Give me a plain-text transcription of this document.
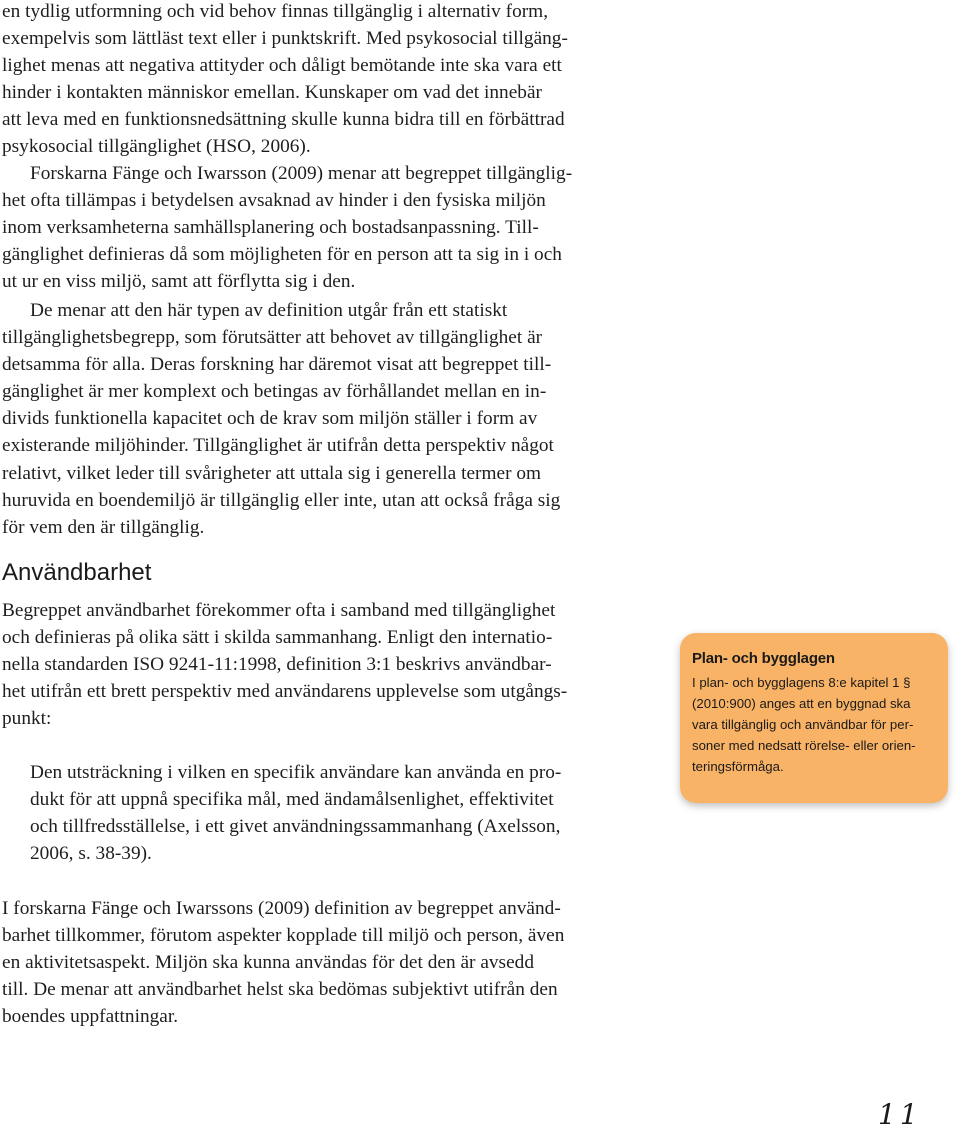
en tydlig utformning och vid behov finnas tillgänglig i alternativ form,
exempelvis som lättläst text eller i punktskrift. Med psykosocial tillgäng-
lighet menas att negativa attityder och dåligt bemötande inte ska vara ett
hinder i kontakten människor emellan. Kunskaper om vad det innebär
att leva med en funktionsnedsättning skulle kunna bidra till en förbättrad
psykosocial tillgänglighet (HSO, 2006).
Forskarna Fänge och Iwarsson (2009) menar att begreppet tillgänglig-
het ofta tillämpas i betydelsen avsaknad av hinder i den fysiska miljön
inom verksamheterna samhällsplanering och bostadsanpassning. Till-
gänglighet definieras då som möjligheten för en person att ta sig in i och
ut ur en viss miljö, samt att förflytta sig i den.
De menar att den här typen av definition utgår från ett statiskt
tillgänglighetsbegrepp, som förutsätter att behovet av tillgänglighet är
detsamma för alla. Deras forskning har däremot visat att begreppet till-
gänglighet är mer komplext och betingas av förhållandet mellan en in-
divids funktionella kapacitet och de krav som miljön ställer i form av
existerande miljöhinder. Tillgänglighet är utifrån detta perspektiv något
relativt, vilket leder till svårigheter att uttala sig i generella termer om
huruvida en boendemiljö är tillgänglig eller inte, utan att också fråga sig
för vem den är tillgänglig.
Användbarhet
Begreppet användbarhet förekommer ofta i samband med tillgänglighet
och definieras på olika sätt i skilda sammanhang. Enligt den internatio-
nella standarden ISO 9241-11:1998, definition 3:1 beskrivs användbar-
het utifrån ett brett perspektiv med användarens upplevelse som utgångs-
punkt:
Den utsträckning i vilken en specifik användare kan använda en pro-
dukt för att uppnå specifika mål, med ändamålsenlighet, effektivitet
och tillfredsställelse, i ett givet användningssammanhang (Axelsson,
2006, s. 38-39).
I forskarna Fänge och Iwarssons (2009) definition av begreppet använd-
barhet tillkommer, förutom aspekter kopplade till miljö och person, även
en aktivitetsaspekt. Miljön ska kunna användas för det den är avsedd
till. De menar att användbarhet helst ska bedömas subjektivt utifrån den
boendes uppfattningar.
Plan- och bygglagen
I plan- och bygglagens 8:e kapitel 1 §
(2010:900) anges att en byggnad ska
vara tillgänglig och användbar för per-
soner med nedsatt rörelse- eller orien-
teringsförmåga.
11
